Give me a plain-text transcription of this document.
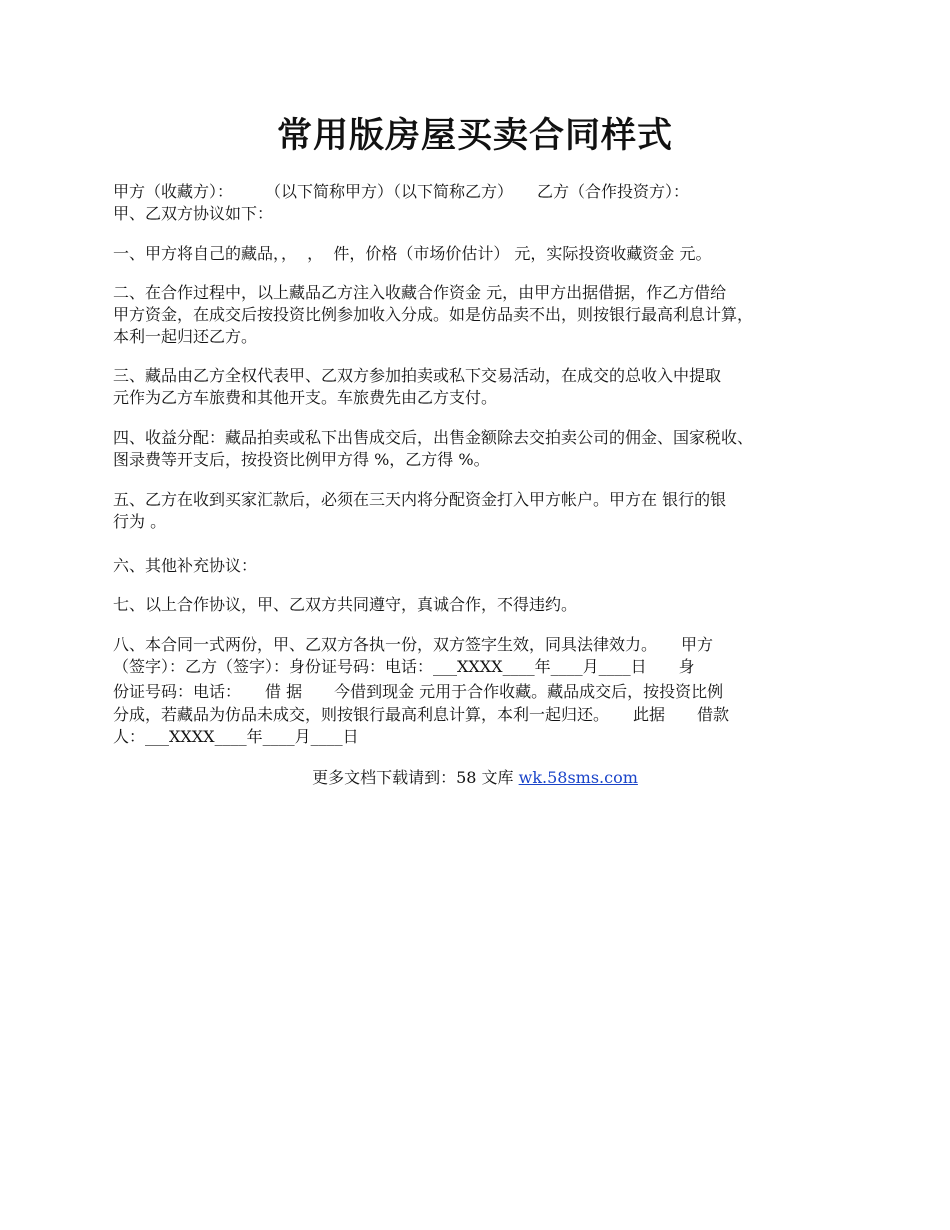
常用版房屋买卖合同样式
甲方（收藏方）：　　　（以下简称甲方）（以下简称乙方）　　乙方（合作投资方）：
甲、乙双方协议如下：
一、甲方将自己的藏品，，  ，  件，价格（市场价估计） 元，实际投资收藏资金 元。
二、在合作过程中，以上藏品乙方注入收藏合作资金 元，由甲方出据借据，作乙方借给
甲方资金，在成交后按投资比例参加收入分成。如是仿品卖不出，则按银行最高利息计算，
本利一起归还乙方。
三、藏品由乙方全权代表甲、乙双方参加拍卖或私下交易活动，在成交的总收入中提取
元作为乙方车旅费和其他开支。车旅费先由乙方支付。
四、收益分配：藏品拍卖或私下出售成交后，出售金额除去交拍卖公司的佣金、国家税收、
图录费等开支后，按投资比例甲方得 %，乙方得 %。
五、乙方在收到买家汇款后，必须在三天内将分配资金打入甲方帐户。甲方在 银行的银
行为 。
六、其他补充协议：
七、以上合作协议，甲、乙双方共同遵守，真诚合作，不得违约。
八、本合同一式两份，甲、乙双方各执一份，双方签字生效，同具法律效力。　　甲方
（签字）：乙方（签字）：身份证号码：电话：___XXXX____年____月____日　　身
份证号码：电话：　　借 据　　今借到现金 元用于合作收藏。藏品成交后，按投资比例
分成，若藏品为仿品未成交，则按银行最高利息计算，本利一起归还。　　此据　　借款
人：___XXXX____年____月____日
更多文档下载请到：58 文库 wk.58sms.com
